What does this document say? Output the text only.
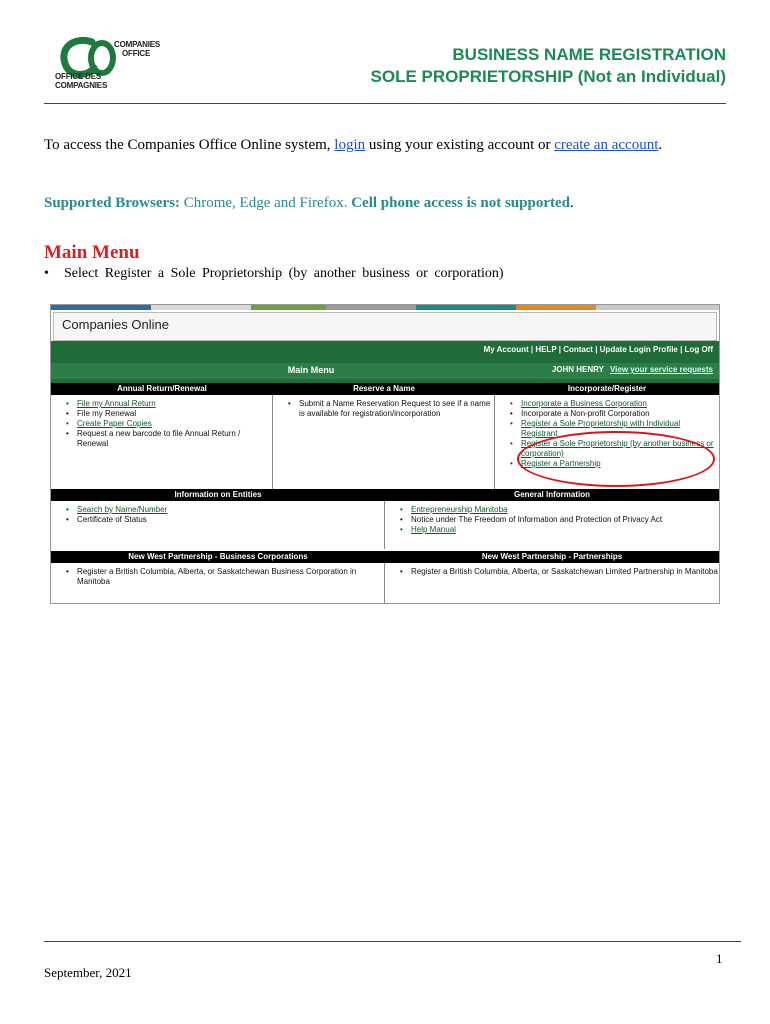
COMPANIES
OFFICE
OFFICE DES
COMPAGNIES
BUSINESS NAME REGISTRATION
SOLE PROPRIETORSHIP (Not an Individual)
To access the Companies Office Online system, login using your existing account or create an account.
Supported Browsers: Chrome, Edge and Firefox. Cell phone access is not supported.
Main Menu
• Select Register a Sole Proprietorship (by another business or corporation)
Companies Online
My Account | HELP | Contact | Update Login Profile | Log Off
Main Menu	JOHN HENRY View your service requests
Annual Return/Renewal
• File my Annual Return
• File my Renewal
• Create Paper Copies
• Request a new barcode to file Annual Return / Renewal
Reserve a Name
• Submit a Name Reservation Request to see if a name is available for registration/incorporation
Incorporate/Register
• Incorporate a Business Corporation
• Incorporate a Non-profit Corporation
• Register a Sole Proprietorship with Individual Registrant
• Register a Sole Proprietorship (by another business or corporation)
• Register a Partnership
Information on Entities
• Search by Name/Number
• Certificate of Status
General Information
• Entrepreneurship Manitoba
• Notice under The Freedom of Information and Protection of Privacy Act
• Help Manual
New West Partnership - Business Corporations
• Register a British Columbia, Alberta, or Saskatchewan Business Corporation in Manitoba
New West Partnership - Partnerships
• Register a British Columbia, Alberta, or Saskatchewan Limited Partnership in Manitoba
1
September, 2021
